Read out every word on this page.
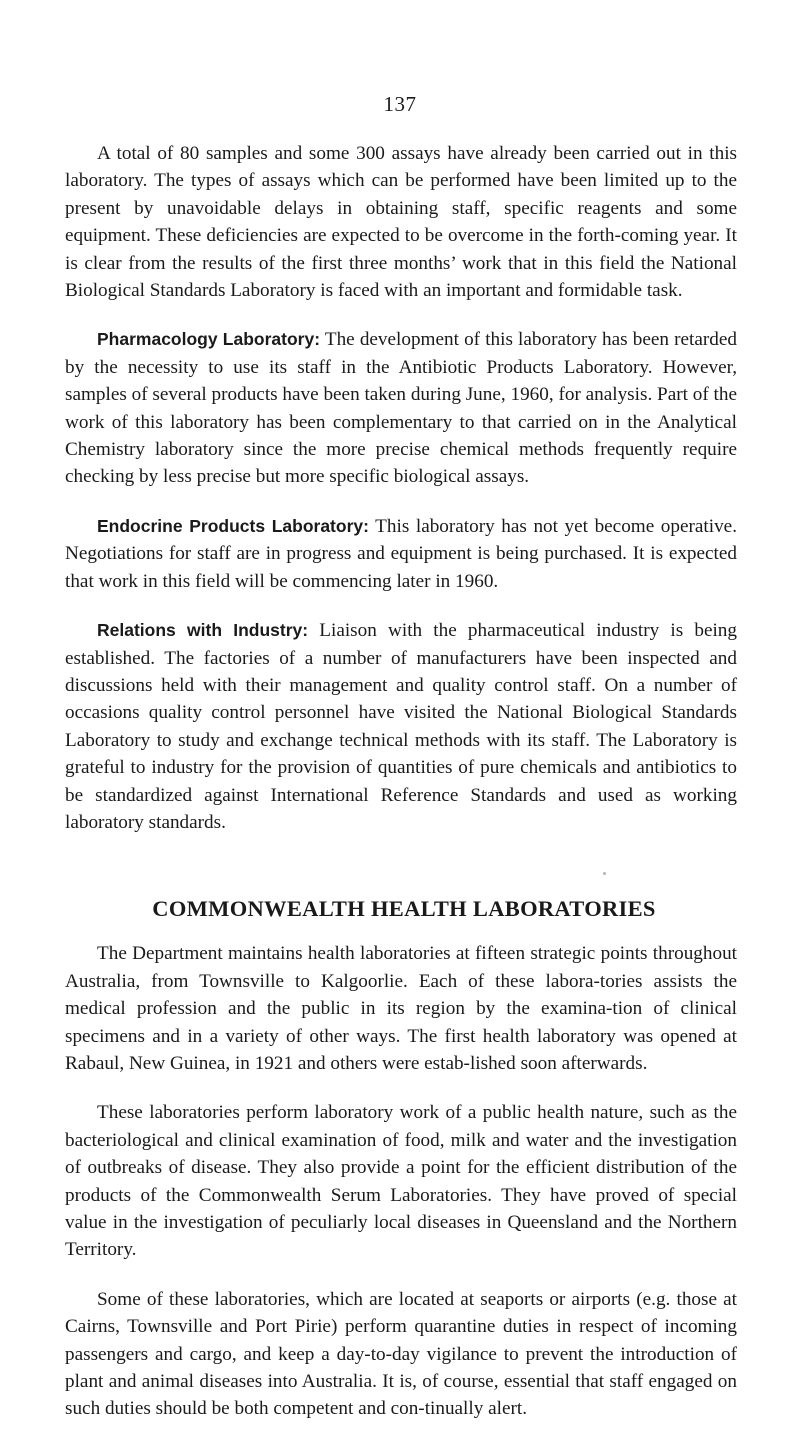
137

A total of 80 samples and some 300 assays have already been carried out in this laboratory. The types of assays which can be performed have been limited up to the present by unavoidable delays in obtaining staff, specific reagents and some equipment. These deficiencies are expected to be overcome in the forth-coming year. It is clear from the results of the first three months’ work that in this field the National Biological Standards Laboratory is faced with an important and formidable task.

Pharmacology Laboratory: The development of this laboratory has been retarded by the necessity to use its staff in the Antibiotic Products Laboratory. However, samples of several products have been taken during June, 1960, for analysis. Part of the work of this laboratory has been complementary to that carried on in the Analytical Chemistry laboratory since the more precise chemical methods frequently require checking by less precise but more specific biological assays.

Endocrine Products Laboratory: This laboratory has not yet become operative. Negotiations for staff are in progress and equipment is being purchased. It is expected that work in this field will be commencing later in 1960.

Relations with Industry: Liaison with the pharmaceutical industry is being established. The factories of a number of manufacturers have been inspected and discussions held with their management and quality control staff. On a number of occasions quality control personnel have visited the National Biological Standards Laboratory to study and exchange technical methods with its staff. The Laboratory is grateful to industry for the provision of quantities of pure chemicals and antibiotics to be standardized against International Reference Standards and used as working laboratory standards.

COMMONWEALTH HEALTH LABORATORIES

The Department maintains health laboratories at fifteen strategic points throughout Australia, from Townsville to Kalgoorlie. Each of these labora-tories assists the medical profession and the public in its region by the examina-tion of clinical specimens and in a variety of other ways. The first health laboratory was opened at Rabaul, New Guinea, in 1921 and others were estab-lished soon afterwards.

These laboratories perform laboratory work of a public health nature, such as the bacteriological and clinical examination of food, milk and water and the investigation of outbreaks of disease. They also provide a point for the efficient distribution of the products of the Commonwealth Serum Laboratories. They have proved of special value in the investigation of peculiarly local diseases in Queensland and the Northern Territory.

Some of these laboratories, which are located at seaports or airports (e.g. those at Cairns, Townsville and Port Pirie) perform quarantine duties in respect of incoming passengers and cargo, and keep a day-to-day vigilance to prevent the introduction of plant and animal diseases into Australia. It is, of course, essential that staff engaged on such duties should be both competent and con-tinually alert.
